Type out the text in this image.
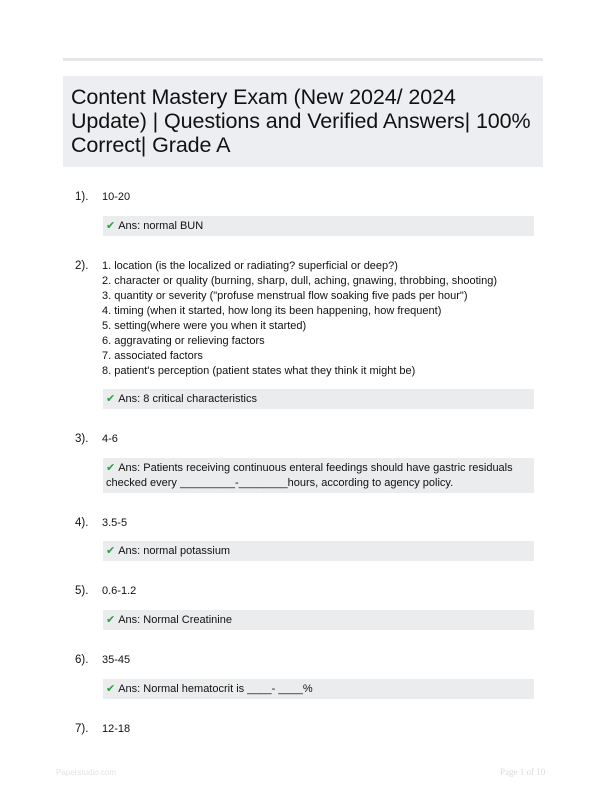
Content Mastery Exam (New 2024/ 2024
Update) | Questions and Verified Answers| 100%
Correct| Grade A
1). 10-20
✔ Ans: normal BUN
2). 1. location (is the localized or radiating? superficial or deep?)
2. character or quality (burning, sharp, dull, aching, gnawing, throbbing, shooting)
3. quantity or severity ("profuse menstrual flow soaking five pads per hour")
4. timing (when it started, how long its been happening, how frequent)
5. setting(where were you when it started)
6. aggravating or relieving factors
7. associated factors
8. patient's perception (patient states what they think it might be)
✔ Ans: 8 critical characteristics
3). 4-6
✔ Ans: Patients receiving continuous enteral feedings should have gastric residuals
checked every _________-________hours, according to agency policy.
4). 3.5-5
✔ Ans: normal potassium
5). 0.6-1.2
✔ Ans: Normal Creatinine
6). 35-45
✔ Ans: Normal hematocrit is ____- ____%
7). 12-18
Paperstudio.com	Page 1 of 10
